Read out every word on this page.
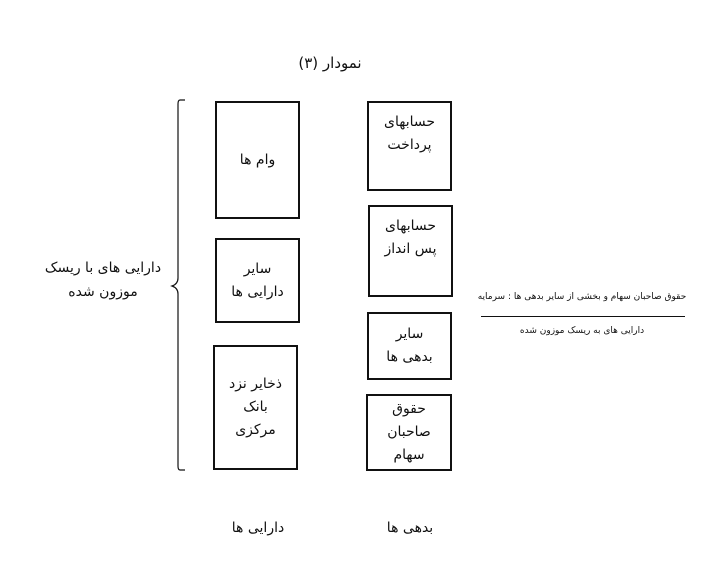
نمودار (۳)
وام ها
سایر
دارایی ها
ذخایر نزد
بانک
مرکزی
حسابهای
پرداخت
حسابهای
پس انداز
سایر
بدهی ها
حقوق
صاحبان
سهام
دارایی های با ریسک
موزون شده
دارایی ها	بدهی ها
حقوق صاحبان سهام و بخشی از سایر بدهی ها : سرمایه
دارایی های به ریسک موزون شده
